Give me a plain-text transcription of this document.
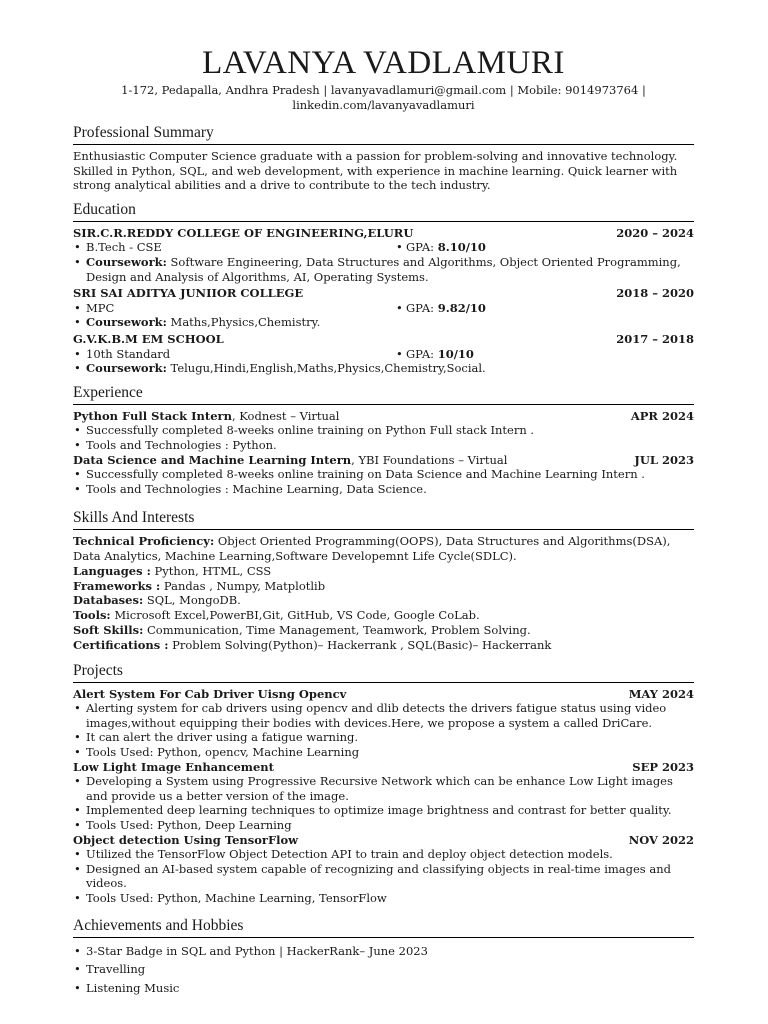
LAVANYA VADLAMURI
1-172, Pedapalla, Andhra Pradesh | lavanyavadlamuri@gmail.com | Mobile: 9014973764 |
linkedin.com/lavanyavadlamuri
Professional Summary
Enthusiastic Computer Science graduate with a passion for problem-solving and innovative technology. Skilled in Python, SQL, and web development, with experience in machine learning. Quick learner with strong analytical abilities and a drive to contribute to the tech industry.
Education
SIR.C.R.REDDY COLLEGE OF ENGINEERING,ELURU	2020 – 2024
• B.Tech - CSE	• GPA: 8.10/10
• Coursework: Software Engineering, Data Structures and Algorithms, Object Oriented Programming, Design and Analysis of Algorithms, AI, Operating Systems.
SRI SAI ADITYA JUNIIOR COLLEGE	2018 – 2020
• MPC	• GPA: 9.82/10
• Coursework: Maths,Physics,Chemistry.
G.V.K.B.M EM SCHOOL	2017 – 2018
• 10th Standard	• GPA: 10/10
• Coursework: Telugu,Hindi,English,Maths,Physics,Chemistry,Social.
Experience
Python Full Stack Intern, Kodnest – Virtual	APR 2024
• Successfully completed 8-weeks online training on Python Full stack Intern .
• Tools and Technologies : Python.
Data Science and Machine Learning Intern, YBI Foundations – Virtual	JUL 2023
• Successfully completed 8-weeks online training on Data Science and Machine Learning Intern .
• Tools and Technologies : Machine Learning, Data Science.
Skills And Interests
Technical Proficiency: Object Oriented Programming(OOPS), Data Structures and Algorithms(DSA), Data Analytics, Machine Learning,Software Developemnt Life Cycle(SDLC).
Languages : Python, HTML, CSS
Frameworks : Pandas , Numpy, Matplotlib
Databases: SQL, MongoDB.
Tools: Microsoft Excel,PowerBI,Git, GitHub, VS Code, Google CoLab.
Soft Skills: Communication, Time Management, Teamwork, Problem Solving.
Certifications : Problem Solving(Python)– Hackerrank , SQL(Basic)– Hackerrank
Projects
Alert System For Cab Driver Uisng Opencv	MAY 2024
• Alerting system for cab drivers using opencv and dlib detects the drivers fatigue status using video images,without equipping their bodies with devices.Here, we propose a system a called DriCare.
• It can alert the driver using a fatigue warning.
• Tools Used: Python, opencv, Machine Learning
Low Light Image Enhancement	SEP 2023
• Developing a System using Progressive Recursive Network which can be enhance Low Light images and provide us a better version of the image.
• Implemented deep learning techniques to optimize image brightness and contrast for better quality.
• Tools Used: Python, Deep Learning
Object detection Using TensorFlow	NOV 2022
• Utilized the TensorFlow Object Detection API to train and deploy object detection models.
• Designed an AI-based system capable of recognizing and classifying objects in real-time images and videos.
• Tools Used: Python, Machine Learning, TensorFlow
Achievements and Hobbies
• 3-Star Badge in SQL and Python | HackerRank– June 2023
• Travelling
• Listening Music
